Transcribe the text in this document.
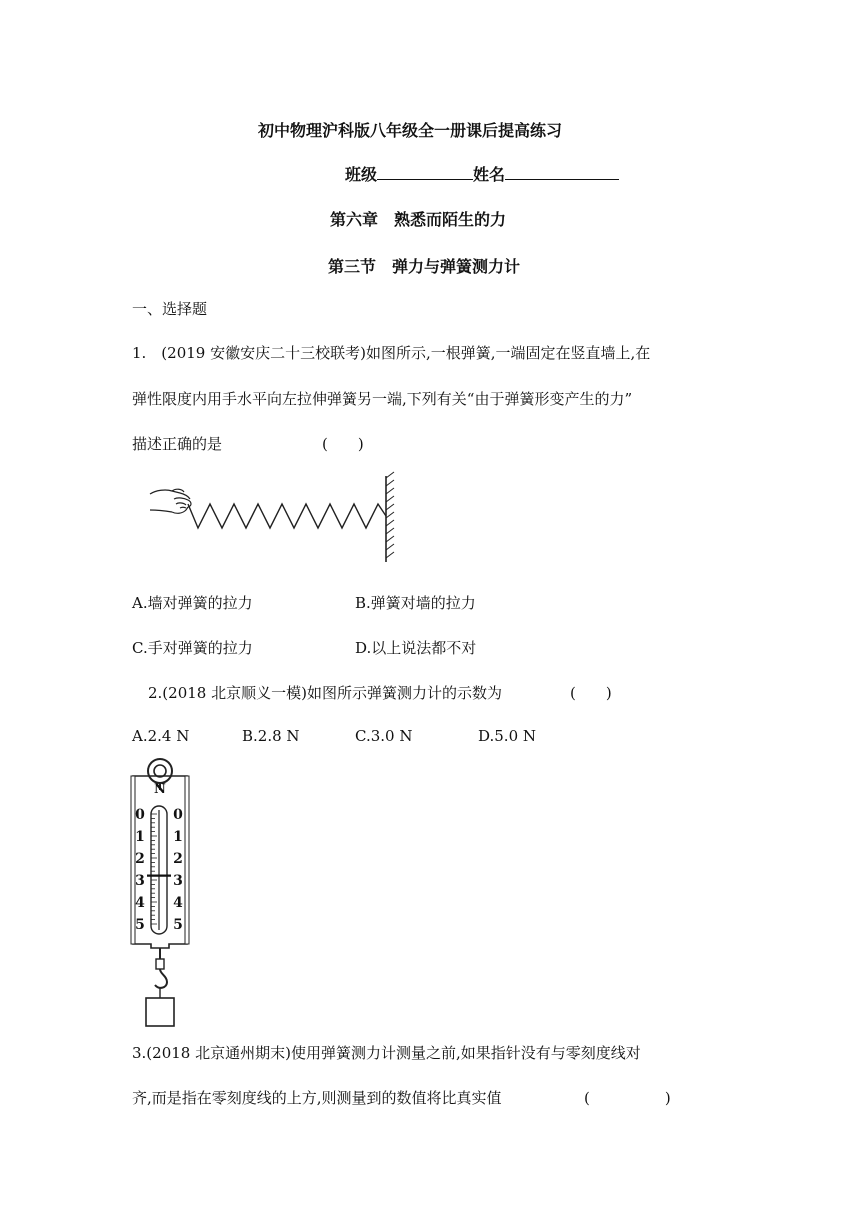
初中物理沪科版八年级全一册课后提高练习
班级	姓名
第六章　熟悉而陌生的力
第三节　弹力与弹簧测力计
一、选择题
1.　(2019 安徽安庆二十三校联考)如图所示,一根弹簧,一端固定在竖直墙上,在
弹性限度内用手水平向左拉伸弹簧另一端,下列有关“由于弹簧形变产生的力”
描述正确的是	(　　)
A.墙对弹簧的拉力	B.弹簧对墙的拉力
C.手对弹簧的拉力	D.以上说法都不对
2.(2018 北京顺义一模)如图所示弹簧测力计的示数为	(　　)
A.2.4 N	B.2.8 N	C.3.0 N	D.5.0 N
N
0
1
2
3
4
5
0
1
2
3
4
5
3.(2018 北京通州期末)使用弹簧测力计测量之前,如果指针没有与零刻度线对
齐,而是指在零刻度线的上方,则测量到的数值将比真实值	(　　　　　)
